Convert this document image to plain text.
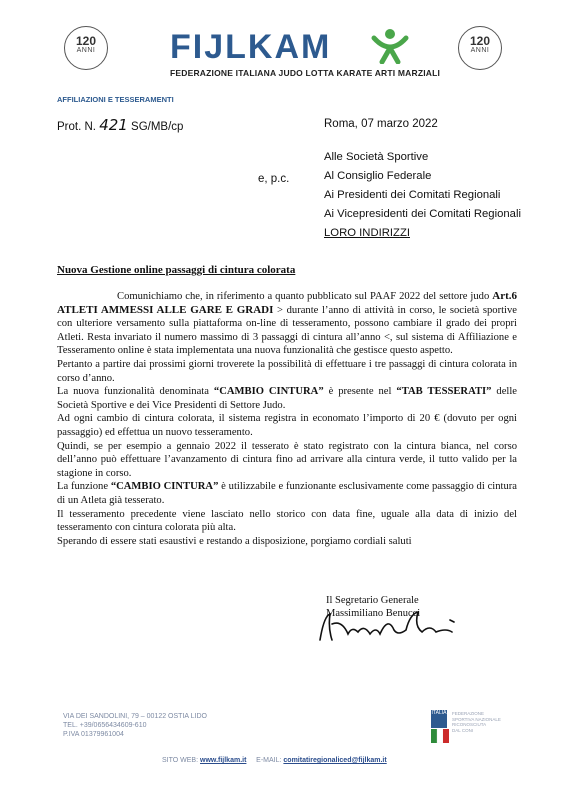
120
ANNI
120
ANNI
FIJLKAM
FEDERAZIONE ITALIANA JUDO LOTTA KARATE ARTI MARZIALI
AFFILIAZIONI E TESSERAMENTI
Prot. N. 421 SG/MB/cp	Roma, 07 marzo 2022
e, p.c.

Alle Società Sportive

Al Consiglio Federale

Ai Presidenti dei Comitati Regionali

Ai Vicepresidenti dei Comitati Regionali

LORO INDIRIZZI

Nuova Gestione online passaggi di cintura colorata

Comunichiamo che, in riferimento a quanto pubblicato sul PAAF 2022 del settore judo Art.6 ATLETI AMMESSI ALLE GARE E GRADI > durante l’anno di attività in corso, le società sportive con ulteriore versamento sulla piattaforma on-line di tesseramento, possono cambiare il grado dei propri Atleti. Resta invariato il numero massimo di 3 passaggi di cintura all’anno <, sul sistema di Affiliazione e Tesseramento online è stata implementata una nuova funzionalità che gestisce questo aspetto.

Pertanto a partire dai prossimi giorni troverete la possibilità di effettuare i tre passaggi di cintura colorata in corso d’anno.

La nuova funzionalità denominata “CAMBIO CINTURA” è presente nel “TAB TESSERATI” delle Società Sportive e dei Vice Presidenti di Settore Judo.

Ad ogni cambio di cintura colorata, il sistema registra in economato l’importo di 20 € (dovuto per ogni passaggio) ed effettua un nuovo tesseramento.

Quindi, se per esempio a gennaio 2022 il tesserato è stato registrato con la cintura bianca, nel corso dell’anno può effettuare l’avanzamento di cintura fino ad arrivare alla cintura verde, il tutto valido per la stagione in corso.

La funzione “CAMBIO CINTURA” è utilizzabile e funzionante esclusivamente come passaggio di cintura di un Atleta già tesserato.

Il tesseramento precedente viene lasciato nello storico con data fine, uguale alla data di inizio del tesseramento con cintura colorata più alta.

Sperando di essere stati esaustivi e restando a disposizione, porgiamo cordiali saluti

Il Segretario Generale
Massimiliano Benucci

VIA DEI SANDOLINI, 79 – 00122 OSTIA LIDO

TEL. +39/0656434609-610

P.IVA 01379961004

ITALIA FEDERAZIONE

SPORTIVA NAZIONALE

RICONOSCIUTA

DAL CONI

SITO WEB: www.fijlkam.it E-MAIL: comitatiregionaliced@fijlkam.it
